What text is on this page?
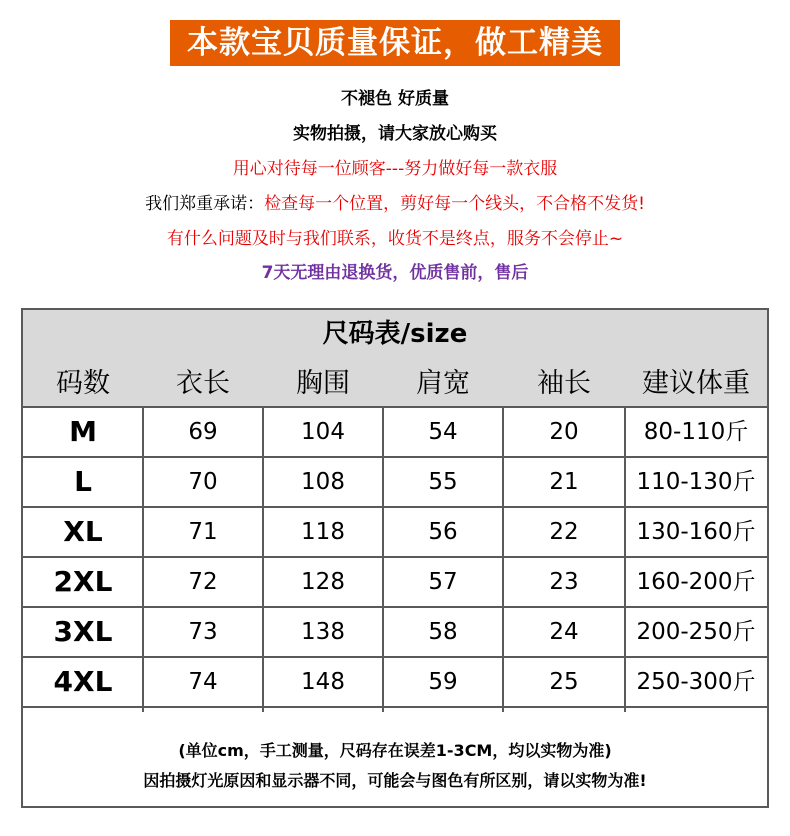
本款宝贝质量保证，做工精美
不褪色 好质量
实物拍摄，请大家放心购买
用心对待每一位顾客---努力做好每一款衣服
我们郑重承诺：检查每一个位置，剪好每一个线头，不合格不发货!
有什么问题及时与我们联系，收货不是终点，服务不会停止~
7天无理由退换货，优质售前，售后
尺码表/size
码数	衣长	胸围	肩宽	袖长	建议体重
M	69	104	54	20	80-110斤
L	70	108	55	21	110-130斤
XL	71	118	56	22	130-160斤
2XL	72	128	57	23	160-200斤
3XL	73	138	58	24	200-250斤
4XL	74	148	59	25	250-300斤
(单位cm，手工测量，尺码存在误差1-3CM，均以实物为准)
因拍摄灯光原因和显示器不同，可能会与图色有所区别，请以实物为准!
